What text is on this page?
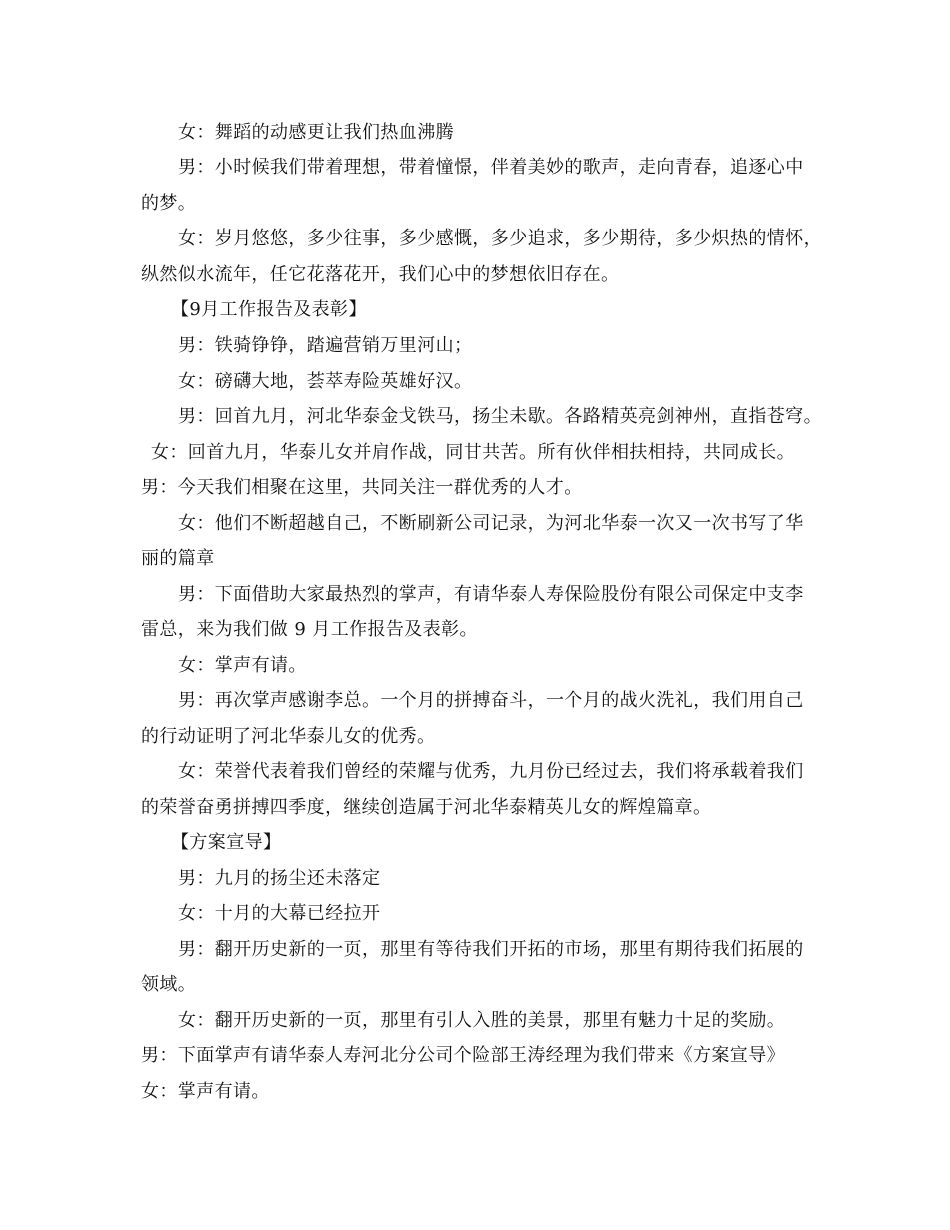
女：舞蹈的动感更让我们热血沸腾
男：小时候我们带着理想，带着憧憬，伴着美妙的歌声，走向青春，追逐心中
的梦。
女：岁月悠悠，多少往事，多少感慨，多少追求，多少期待，多少炽热的情怀，
纵然似水流年，任它花落花开，我们心中的梦想依旧存在。
【9月工作报告及表彰】
男：铁骑铮铮，踏遍营销万里河山；
女：磅礴大地，荟萃寿险英雄好汉。
男：回首九月，河北华泰金戈铁马，扬尘未歇。各路精英亮剑神州，直指苍穹。
女：回首九月，华泰儿女并肩作战，同甘共苦。所有伙伴相扶相持，共同成长。
男：今天我们相聚在这里，共同关注一群优秀的人才。
女：他们不断超越自己，不断刷新公司记录，为河北华泰一次又一次书写了华
丽的篇章
男：下面借助大家最热烈的掌声，有请华泰人寿保险股份有限公司保定中支李
雷总，来为我们做 9 月工作报告及表彰。
女：掌声有请。
男：再次掌声感谢李总。一个月的拼搏奋斗，一个月的战火洗礼，我们用自己
的行动证明了河北华泰儿女的优秀。
女：荣誉代表着我们曾经的荣耀与优秀，九月份已经过去，我们将承载着我们
的荣誉奋勇拼搏四季度，继续创造属于河北华泰精英儿女的辉煌篇章。
【方案宣导】
男：九月的扬尘还未落定
女：十月的大幕已经拉开
男：翻开历史新的一页，那里有等待我们开拓的市场，那里有期待我们拓展的
领域。
女：翻开历史新的一页，那里有引人入胜的美景，那里有魅力十足的奖励。
男：下面掌声有请华泰人寿河北分公司个险部王涛经理为我们带来《方案宣导》
女：掌声有请。
